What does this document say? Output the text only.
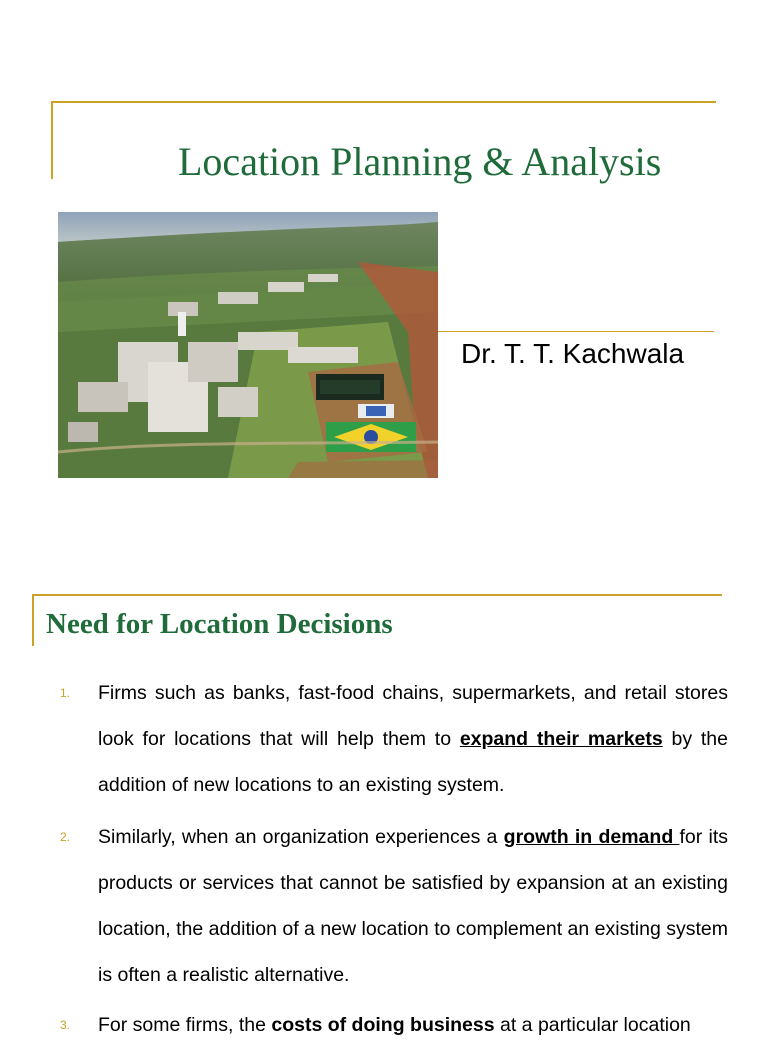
Location Planning & Analysis
Dr. T. T. Kachwala
Need for Location Decisions
1. Firms such as banks, fast-food chains, supermarkets, and retail stores look for locations that will help them to expand their markets by the addition of new locations to an existing system.
2. Similarly, when an organization experiences a growth in demand for its products or services that cannot be satisfied by expansion at an existing location, the addition of a new location to complement an existing system is often a realistic alternative.
3. For some firms, the costs of doing business at a particular location
